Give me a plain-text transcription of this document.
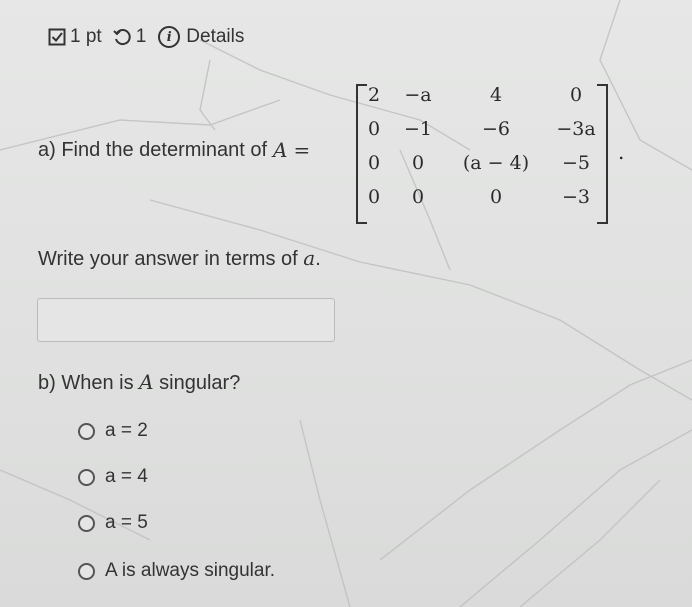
1 pt 1	i Details
a) Find the determinant of A =
2	−a	4	0
0	−1	−6	−3a
0	0	(a − 4)	−5
0	0	0	−3
.
Write your answer in terms of a.
b) When is A singular?
a = 2
a = 4
a = 5
A is always singular.
